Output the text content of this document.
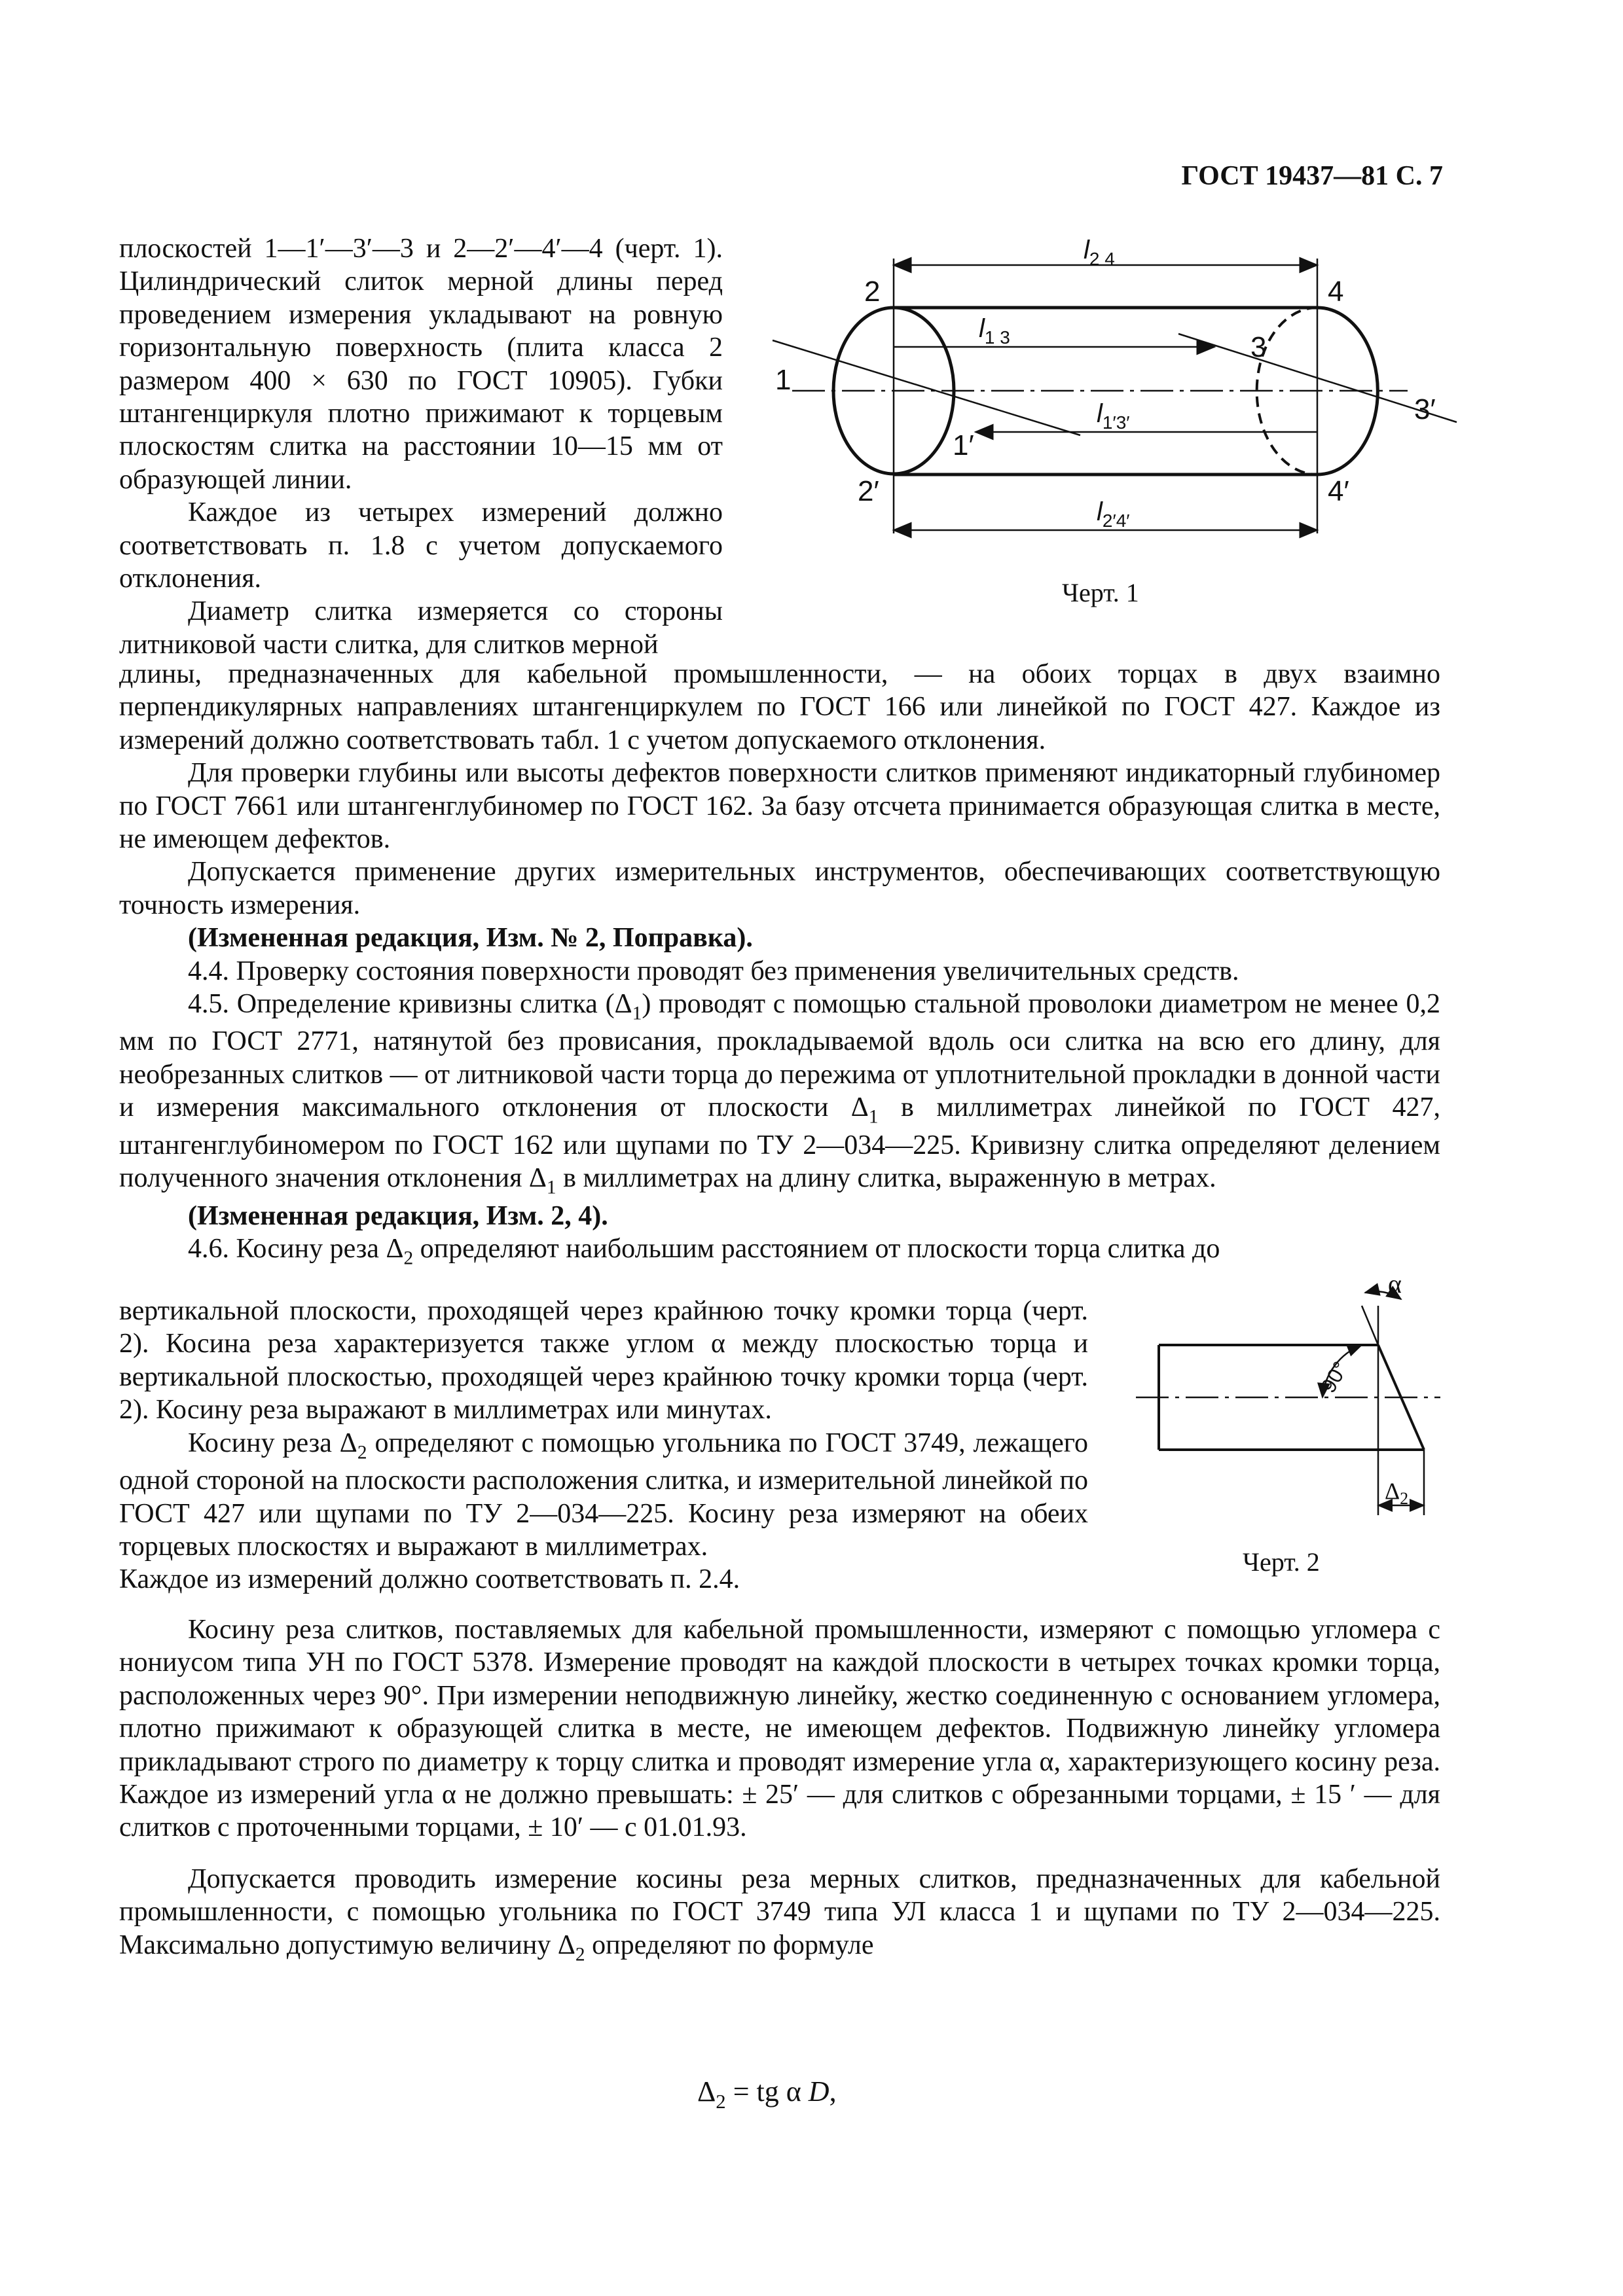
ГОСТ 19437—81 С. 7

плоскостей 1—1′—3′—3 и 2—2′—4′—4 (черт. 1). Цилиндрический слиток мерной длины перед проведением измерения укладывают на ровную горизонтальную поверхность (плита класса 2 размером 400 × 630 по ГОСТ 10905). Губки штангенциркуля плотно прижимают к торцевым плоскостям слитка на расстоянии 10—15 мм от образующей линии.

Каждое из четырех измерений должно соответствовать п. 1.8 с учетом допускаемого отклонения.

Диаметр слитка измеряется со стороны литниковой части слитка, для слитков мерной

2	4
1
3
1′
3′
2′	4′
$l_{2 4}$
$l_{1 3}$
$l_{1'3'}$
$l_{2'4'}$
Черт. 1

длины, предназначенных для кабельной промышленности, — на обоих торцах в двух взаимно перпендикулярных направлениях штангенциркулем по ГОСТ 166 или линейкой по ГОСТ 427. Каждое из измерений должно соответствовать табл. 1 с учетом допускаемого отклонения.

Для проверки глубины или высоты дефектов поверхности слитков применяют индикаторный глубиномер по ГОСТ 7661 или штангенглубиномер по ГОСТ 162. За базу отсчета принимается образующая слитка в месте, не имеющем дефектов.

Допускается применение других измерительных инструментов, обеспечивающих соответствующую точность измерения.

(Измененная редакция, Изм. № 2, Поправка).

4.4. Проверку состояния поверхности проводят без применения увеличительных средств.

4.5. Определение кривизны слитка $(\Delta_1)$ проводят с помощью стальной проволоки диаметром не менее 0,2 мм по ГОСТ 2771, натянутой без провисания, прокладываемой вдоль оси слитка на всю его длину, для необрезанных слитков — от литниковой части торца до пережима от уплотнительной прокладки в донной части и измерения максимального отклонения от плоскости $\Delta_1$ в миллиметрах линейкой по ГОСТ 427, штангенглубиномером по ГОСТ 162 или щупами по ТУ 2—034—225. Кривизну слитка определяют делением полученного значения отклонения $\Delta_1$ в миллиметрах на длину слитка, выраженную в метрах.

(Измененная редакция, Изм. 2, 4).

4.6. Косину реза $\Delta_2$ определяют наибольшим расстоянием от плоскости торца слитка до

вертикальной плоскости, проходящей через крайнюю точку кромки торца (черт. 2). Косина реза характеризуется также углом α между плоскостью торца и вертикальной плоскостью, проходящей через крайнюю точку кромки торца (черт. 2). Косину реза выражают в миллиметрах или минутах.

Косину реза $\Delta_2$ определяют с помощью угольника по ГОСТ 3749, лежащего одной стороной на плоскости расположения слитка, и измерительной линейкой по ГОСТ 427 или щупами по ТУ 2—034—225. Косину реза измеряют на обеих торцевых плоскостях и выражают в миллиметрах.

Каждое из измерений должно соответствовать п. 2.4.

α
90°
$\Delta_2$
Черт. 2

Косину реза слитков, поставляемых для кабельной промышленности, измеряют с помощью угломера с нониусом типа УН по ГОСТ 5378. Измерение проводят на каждой плоскости в четырех точках кромки торца, расположенных через 90°. При измерении неподвижную линейку, жестко соединенную с основанием угломера, плотно прижимают к образующей слитка в месте, не имеющем дефектов. Подвижную линейку угломера прикладывают строго по диаметру к торцу слитка и проводят измерение угла α, характеризующего косину реза. Каждое из измерений угла α не должно превышать: ± 25′ — для слитков с обрезанными торцами, ± 15 ′ — для слитков с проточенными торцами, ± 10′ — с 01.01.93.

Допускается проводить измерение косины реза мерных слитков, предназначенных для кабельной промышленности, с помощью угольника по ГОСТ 3749 типа УЛ класса 1 и щупами по ТУ 2—034—225. Максимально допустимую величину $\Delta_2$ определяют по формуле

$\Delta_2$ = tg α D,
